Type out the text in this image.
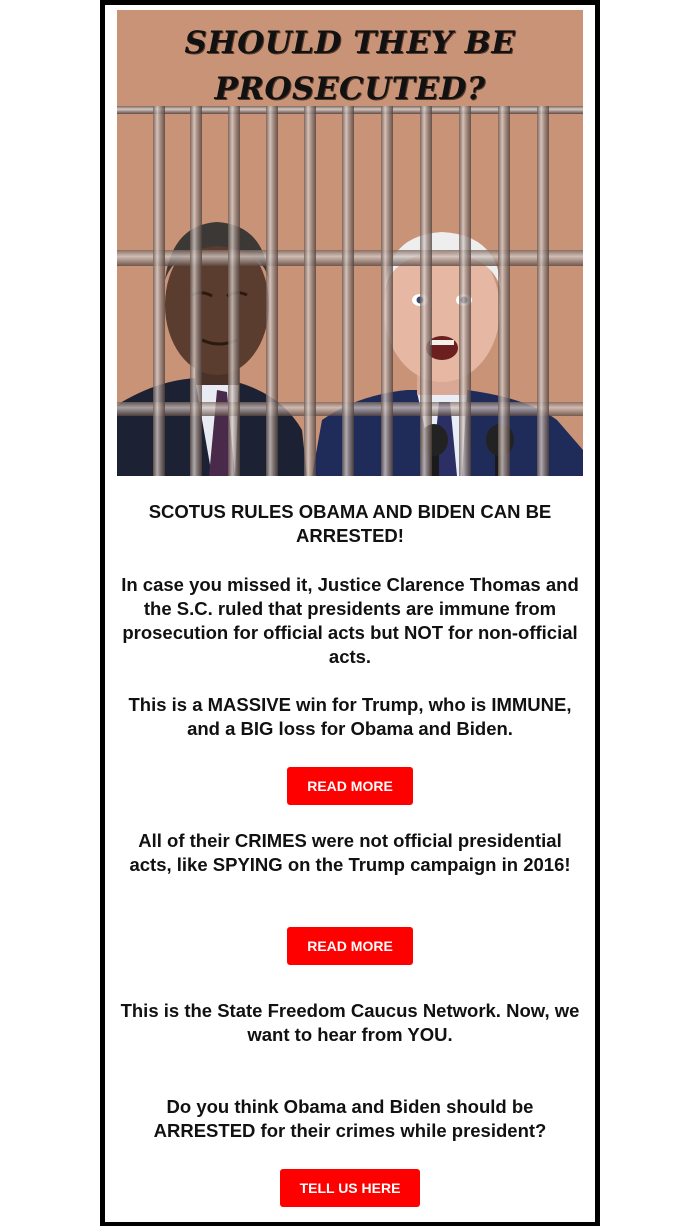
SHOULD THEY BE
PROSECUTED?
SCOTUS RULES OBAMA AND BIDEN CAN BE ARRESTED!
In case you missed it, Justice Clarence Thomas and the S.C. ruled that presidents are immune from prosecution for official acts but NOT for non-official acts.
This is a MASSIVE win for Trump, who is IMMUNE, and a BIG loss for Obama and Biden.
READ MORE
All of their CRIMES were not official presidential acts, like SPYING on the Trump campaign in 2016!
READ MORE
This is the State Freedom Caucus Network. Now, we want to hear from YOU.
Do you think Obama and Biden should be ARRESTED for their crimes while president?
TELL US HERE
